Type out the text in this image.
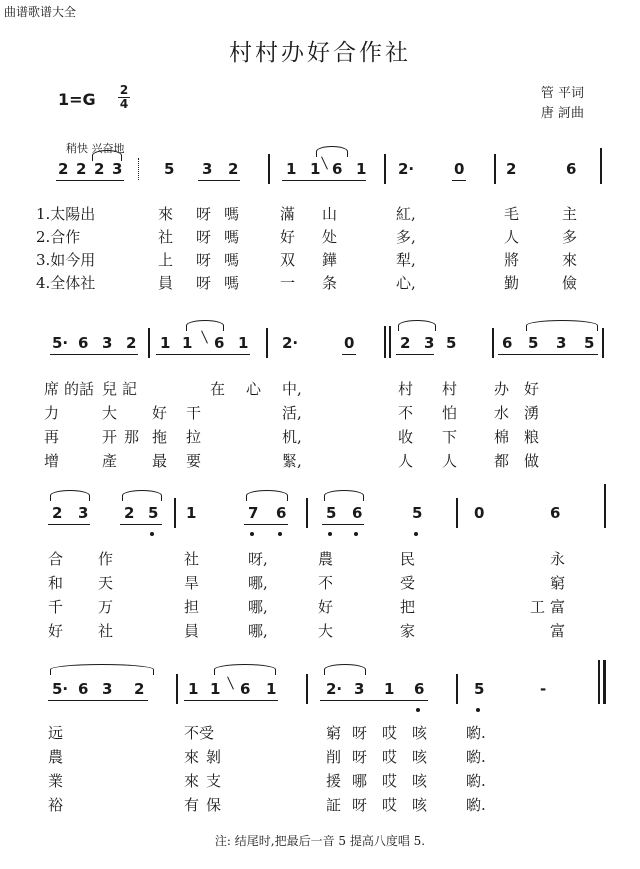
曲谱歌谱大全
村村办好合作社
1=G 2
4
管 平词
唐 訶曲
稍快 兴奋地
2 2 2 3	5 3 2	1 1 6 1 2·	0	2	6
1.太陽出	來 呀 嗎	滿 山	紅,	毛	主
2.合作	社 呀 嗎	好 处	多,	人	多
3.如今用	上 呀 嗎	双 鏵	犁,	將	來
4.全体社	員 呀 嗎	一 条	心,	勤	儉
5· 6 3 2 1 1 6 1 2·	0	2 3 5	6 5 3 5
席 的話 兒 記	在 心 中,	村 村 办 好
力	大 好 干	活,	不 怕 水 湧
再	开 那 拖 拉	机,	收 下 棉 粮
增	產 最 要	緊,	人 人 都 做
2 3 2 5 1	7 6	5 6	5	0	6
合 作	社	呀,	農	民	永
和 天	旱	哪,	不	受	窮
千 万	担	哪,	好	把	工 富
好 社	員	哪,	大	家	富
5· 6 3 2	1 1 6 1	2· 3 1 6	5	-
远	不受	窮 呀 哎 咳	喲.
農	來 剝	削 呀 哎 咳	喲.
業	來 支	援 哪 哎 咳	喲.
裕	有 保	証 呀 哎 咳	喲.
注: 结尾时,把最后一音 5 提高八度唱 5.
